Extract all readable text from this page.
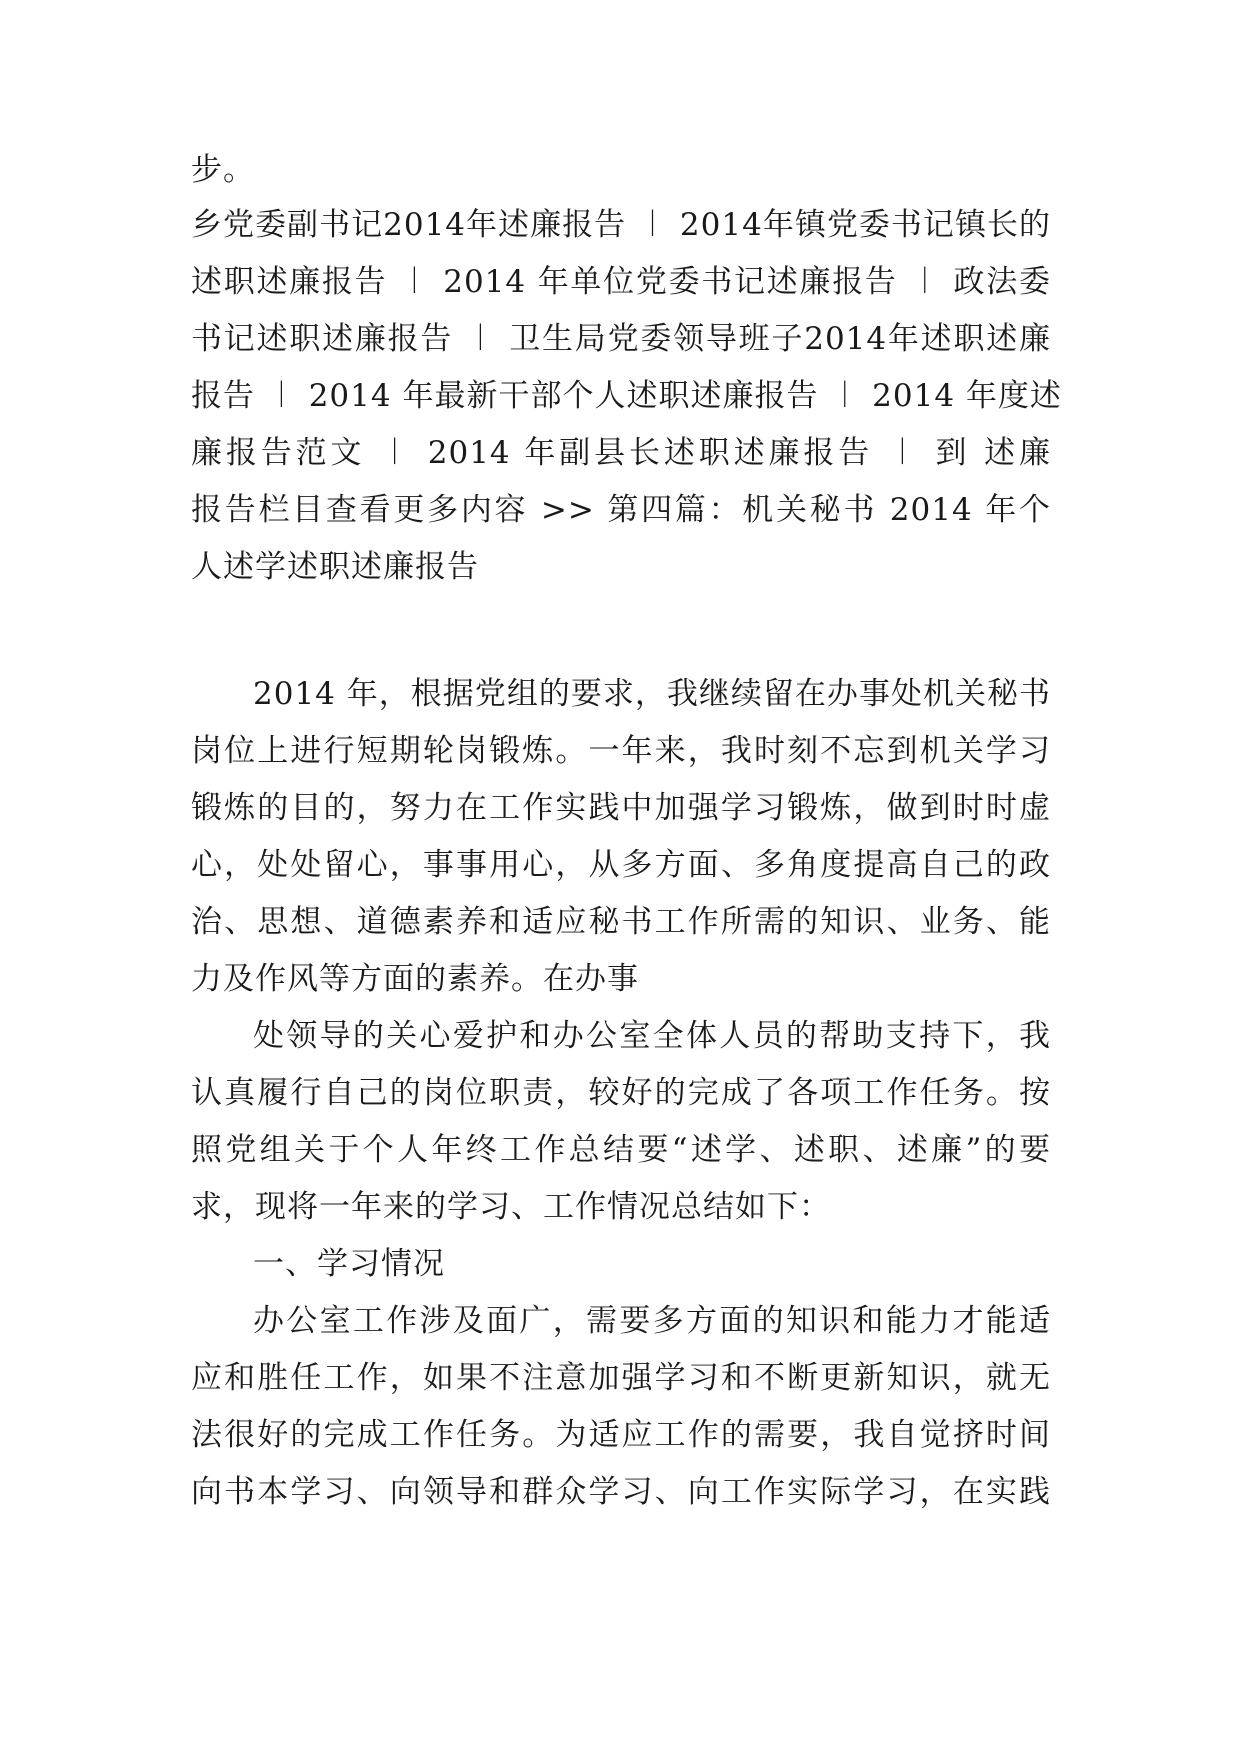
步。
乡党委副书记2014年述廉报告 ︱ 2014年镇党委书记镇长的
述职述廉报告 ︱ 2014 年单位党委书记述廉报告 ︱ 政法委
书记述职述廉报告 ︱ 卫生局党委领导班子2014年述职述廉
报告 ︱ 2014 年最新干部个人述职述廉报告 ︱ 2014 年度述
廉报告范文 ︱ 2014 年副县长述职述廉报告 ︱ 到 述廉
报告栏目查看更多内容 >> 第四篇：机关秘书 2014 年个
人述学述职述廉报告
2014 年，根据党组的要求，我继续留在办事处机关秘书
岗位上进行短期轮岗锻炼。一年来，我时刻不忘到机关学习
锻炼的目的，努力在工作实践中加强学习锻炼，做到时时虚
心，处处留心，事事用心，从多方面、多角度提高自己的政
治、思想、道德素养和适应秘书工作所需的知识、业务、能
力及作风等方面的素养。在办事
处领导的关心爱护和办公室全体人员的帮助支持下，我
认真履行自己的岗位职责，较好的完成了各项工作任务。按
照党组关于个人年终工作总结要“述学、述职、述廉”的要
求，现将一年来的学习、工作情况总结如下：
一、学习情况
办公室工作涉及面广，需要多方面的知识和能力才能适
应和胜任工作，如果不注意加强学习和不断更新知识，就无
法很好的完成工作任务。为适应工作的需要，我自觉挤时间
向书本学习、向领导和群众学习、向工作实际学习，在实践
